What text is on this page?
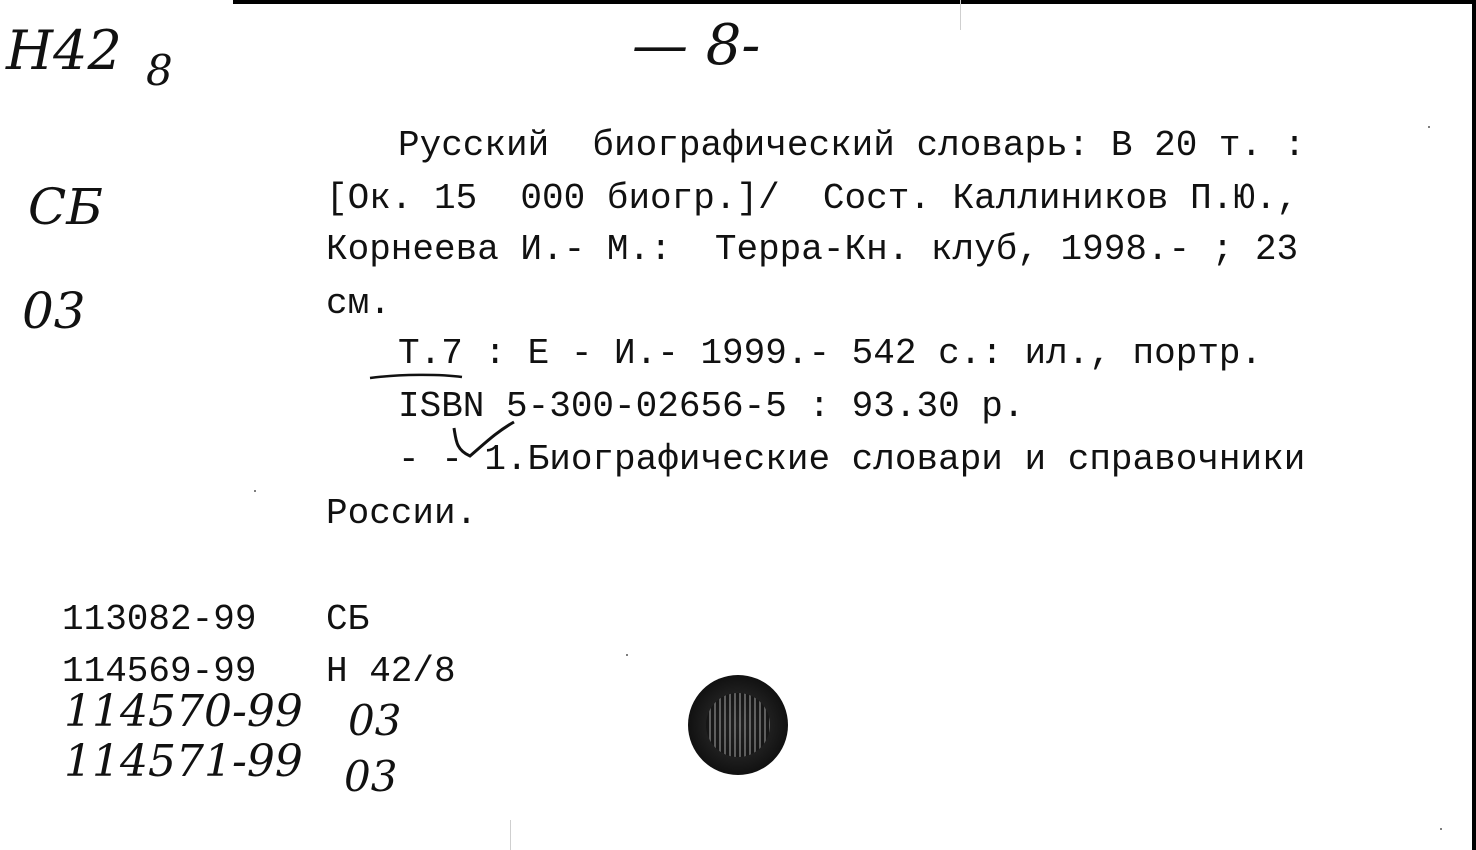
Н42 8	— 8-
СБ
03
Русский  биографический словарь: В 20 т. :
[Ок. 15  000 биогр.]/  Сост. Каллиников П.Ю.,
Корнеева И.- М.:  Терра-Кн. клуб, 1998.- ; 23
см.
Т.7 : Е - И.- 1999.- 542 с.: ил., портр.
ISBN 5-300-02656-5 : 93.30 р.
- - 1.Биографические словари и справочники
России.
113082-99 СБ
114569-99 Н 42/8
114570-99 03
114571-99 03
